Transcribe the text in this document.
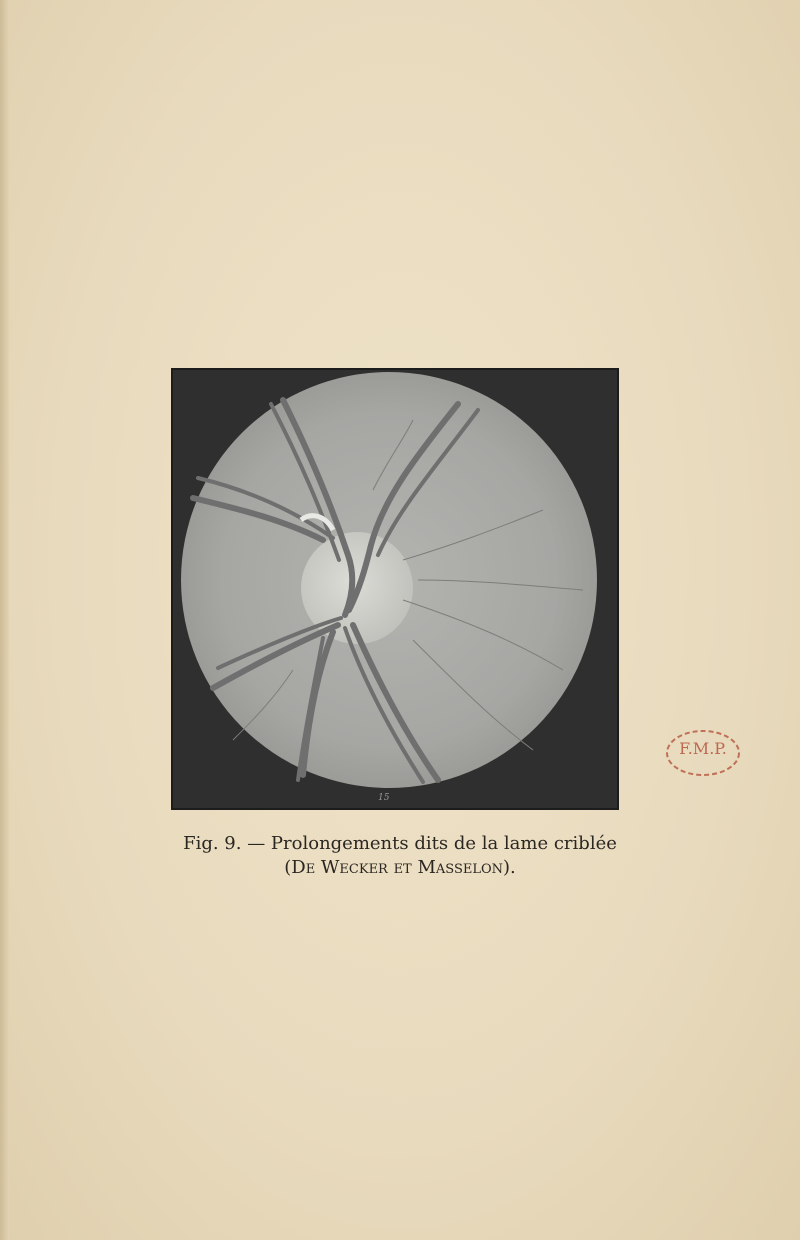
15
Fig. 9. — Prolongements dits de la lame criblée
(De Wecker et Masselon).
F.M.P.
